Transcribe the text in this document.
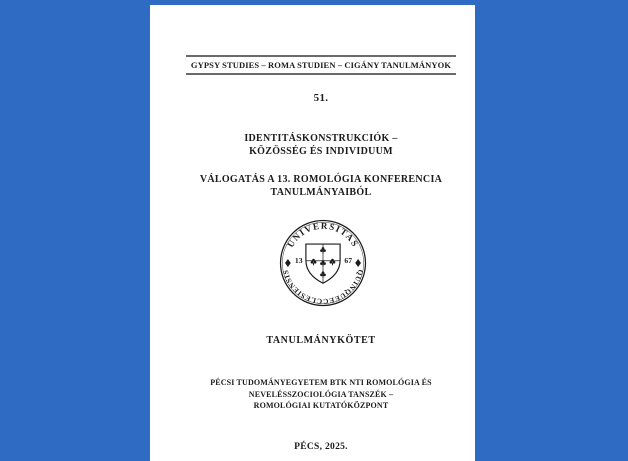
GYPSY STUDIES – ROMA STUDIEN – CIGÁNY TANULMÁNYOK
51.
IDENTITÁSKONSTRUKCIÓK –
KÖZÖSSÉG ÉS INDIVIDUUM
VÁLOGATÁS A 13. ROMOLÓGIA KONFERENCIA
TANULMÁNYAIBÓL
UNIVERSITAS
QUINQUEECCLESIENSIS
13	67
TANULMÁNYKÖTET
PÉCSI TUDOMÁNYEGYETEM BTK NTI ROMOLÓGIA ÉS
NEVELÉSSZOCIOLÓGIA TANSZÉK –
ROMOLÓGIAI KUTATÓKÖZPONT
PÉCS, 2025.
